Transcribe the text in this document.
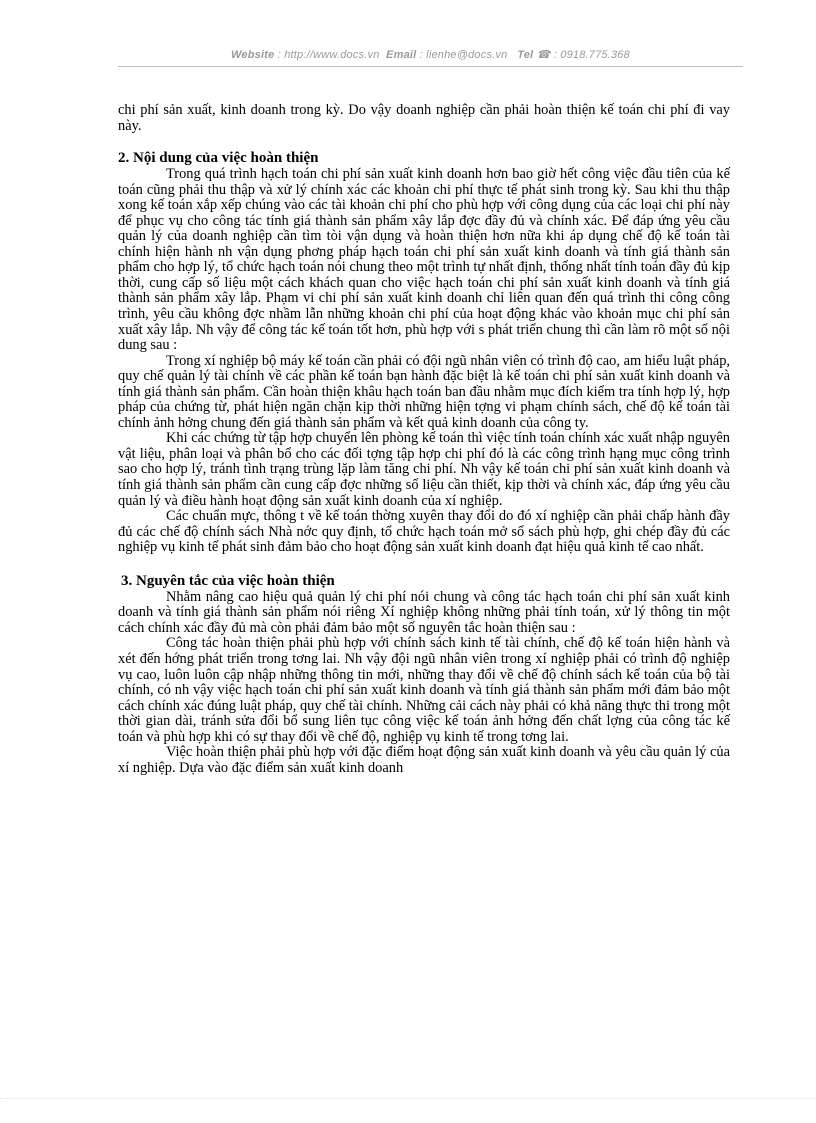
Website : http://www.docs.vn Email : lienhe@docs.vn Tel ☎ : 0918.775.368

chi phí sản xuất, kinh doanh trong kỳ. Do vậy doanh nghiệp cần phải hoàn thiện kế toán chi phí đi vay này.

2. Nội dung của việc hoàn thiện

Trong quá trình hạch toán chi phí sản xuất kinh doanh hơn bao giờ hết công việc đầu tiên của kế toán cũng phải thu thập và xử lý chính xác các khoản chi phí thực tế phát sinh trong kỳ. Sau khi thu thập xong kế toán xắp xếp chúng vào các tài khoản chi phí cho phù hợp với công dụng của các loại chi phí này để phục vụ cho công tác tính giá thành sản phẩm xây lắp đợc đầy đủ và chính xác. Để đáp ứng yêu cầu quản lý của doanh nghiệp cần tìm tòi vận dụng và hoàn thiện hơn nữa khi áp dụng chế độ kế toán tài chính hiện hành nh vận dụng phơng pháp hạch toán chi phí sản xuất kinh doanh và tính giá thành sản phẩm cho hợp lý, tổ chức hạch toán nói chung theo một trình tự nhất định, thống nhất tính toán đầy đủ kịp thời, cung cấp số liệu một cách khách quan cho việc hạch toán chi phí sản xuất kinh doanh và tính giá thành sản phẩm xây lắp. Phạm vi chi phí sản xuất kinh doanh chỉ liên quan đến quá trình thi công công trình, yêu cầu không đợc nhầm lẫn những khoản chi phí của hoạt động khác vào khoản mục chi phí sản xuất xây lắp. Nh vậy để công tác kế toán tốt hơn, phù hợp với s phát triển chung thì cần làm rõ một số nội dung sau :

Trong xí nghiệp bộ máy kế toán cần phải có đội ngũ nhân viên có trình độ cao, am hiểu luật pháp, quy chế quản lý tài chính về các phần kế toán bạn hành đặc biệt là kế toán chi phí sản xuất kinh doanh và tính giá thành sản phẩm. Cần hoàn thiện khâu hạch toán ban đầu nhằm mục đích kiểm tra tính hợp lý, hợp pháp của chứng từ, phát hiện ngăn chặn kịp thời những hiện tợng vi phạm chính sách, chế độ kế toán tài chính ảnh hởng chung đến giá thành sản phẩm và kết quả kinh doanh của công ty.

Khi các chứng từ tập hợp chuyển lên phòng kế toán thì việc tính toán chính xác xuất nhập nguyên vật liệu, phân loại và phân bổ cho các đối tợng tập hợp chi phí đó là các công trình hạng mục công trình sao cho hợp lý, tránh tình trạng trùng lặp làm tăng chi phí. Nh vậy kế toán chi phí sản xuất kinh doanh và tính giá thành sản phẩm cần cung cấp đợc những số liệu cần thiết, kịp thời và chính xác, đáp ứng yêu cầu quản lý và điều hành hoạt động sản xuất kinh doanh của xí nghiệp.

Các chuẩn mực, thông t về kế toán thờng xuyên thay đổi do đó xí nghiệp cần phải chấp hành đầy đủ các chế độ chính sách Nhà nớc quy định, tổ chức hạch toán mở sổ sách phù hợp, ghi chép đầy đủ các nghiệp vụ kinh tế phát sinh đảm bảo cho hoạt động sản xuất kinh doanh đạt hiệu quả kinh tế cao nhất.

3. Nguyên tắc của việc hoàn thiện

Nhằm nâng cao hiệu quả quản lý chi phí nói chung và công tác hạch toán chi phí sản xuất kinh doanh và tính giá thành sản phẩm nói riêng Xí nghiệp không những phải tính toán, xử lý thông tin một cách chính xác đầy đủ mà còn phải đảm bảo một số nguyên tắc hoàn thiện sau :

Công tác hoàn thiện phải phù hợp với chính sách kinh tế tài chính, chế độ kế toán hiện hành và xét đến hớng phát triển trong tơng lai. Nh vậy đội ngũ nhân viên trong xí nghiệp phải có trình độ nghiệp vụ cao, luôn luôn cập nhập những thông tin mới, những thay đổi về chế độ chính sách kế toán của bộ tài chính, có nh vậy việc hạch toán chi phí sản xuất kinh doanh và tính giá thành sản phẩm mới đảm bảo một cách chính xác đúng luật pháp, quy chế tài chính. Những cải cách này phải có khả năng thực thi trong một thời gian dài, tránh sửa đổi bổ sung liên tục công việc kế toán ảnh hởng đến chất lợng của công tác kế toán và phù hợp khi có sự thay đổi về chế độ, nghiệp vụ kinh tế trong tơng lai.

Việc hoàn thiện phải phù hợp với đặc điểm hoạt động sản xuất kinh doanh và yêu cầu quản lý của xí nghiệp. Dựa vào đặc điểm sản xuất kinh doanh
